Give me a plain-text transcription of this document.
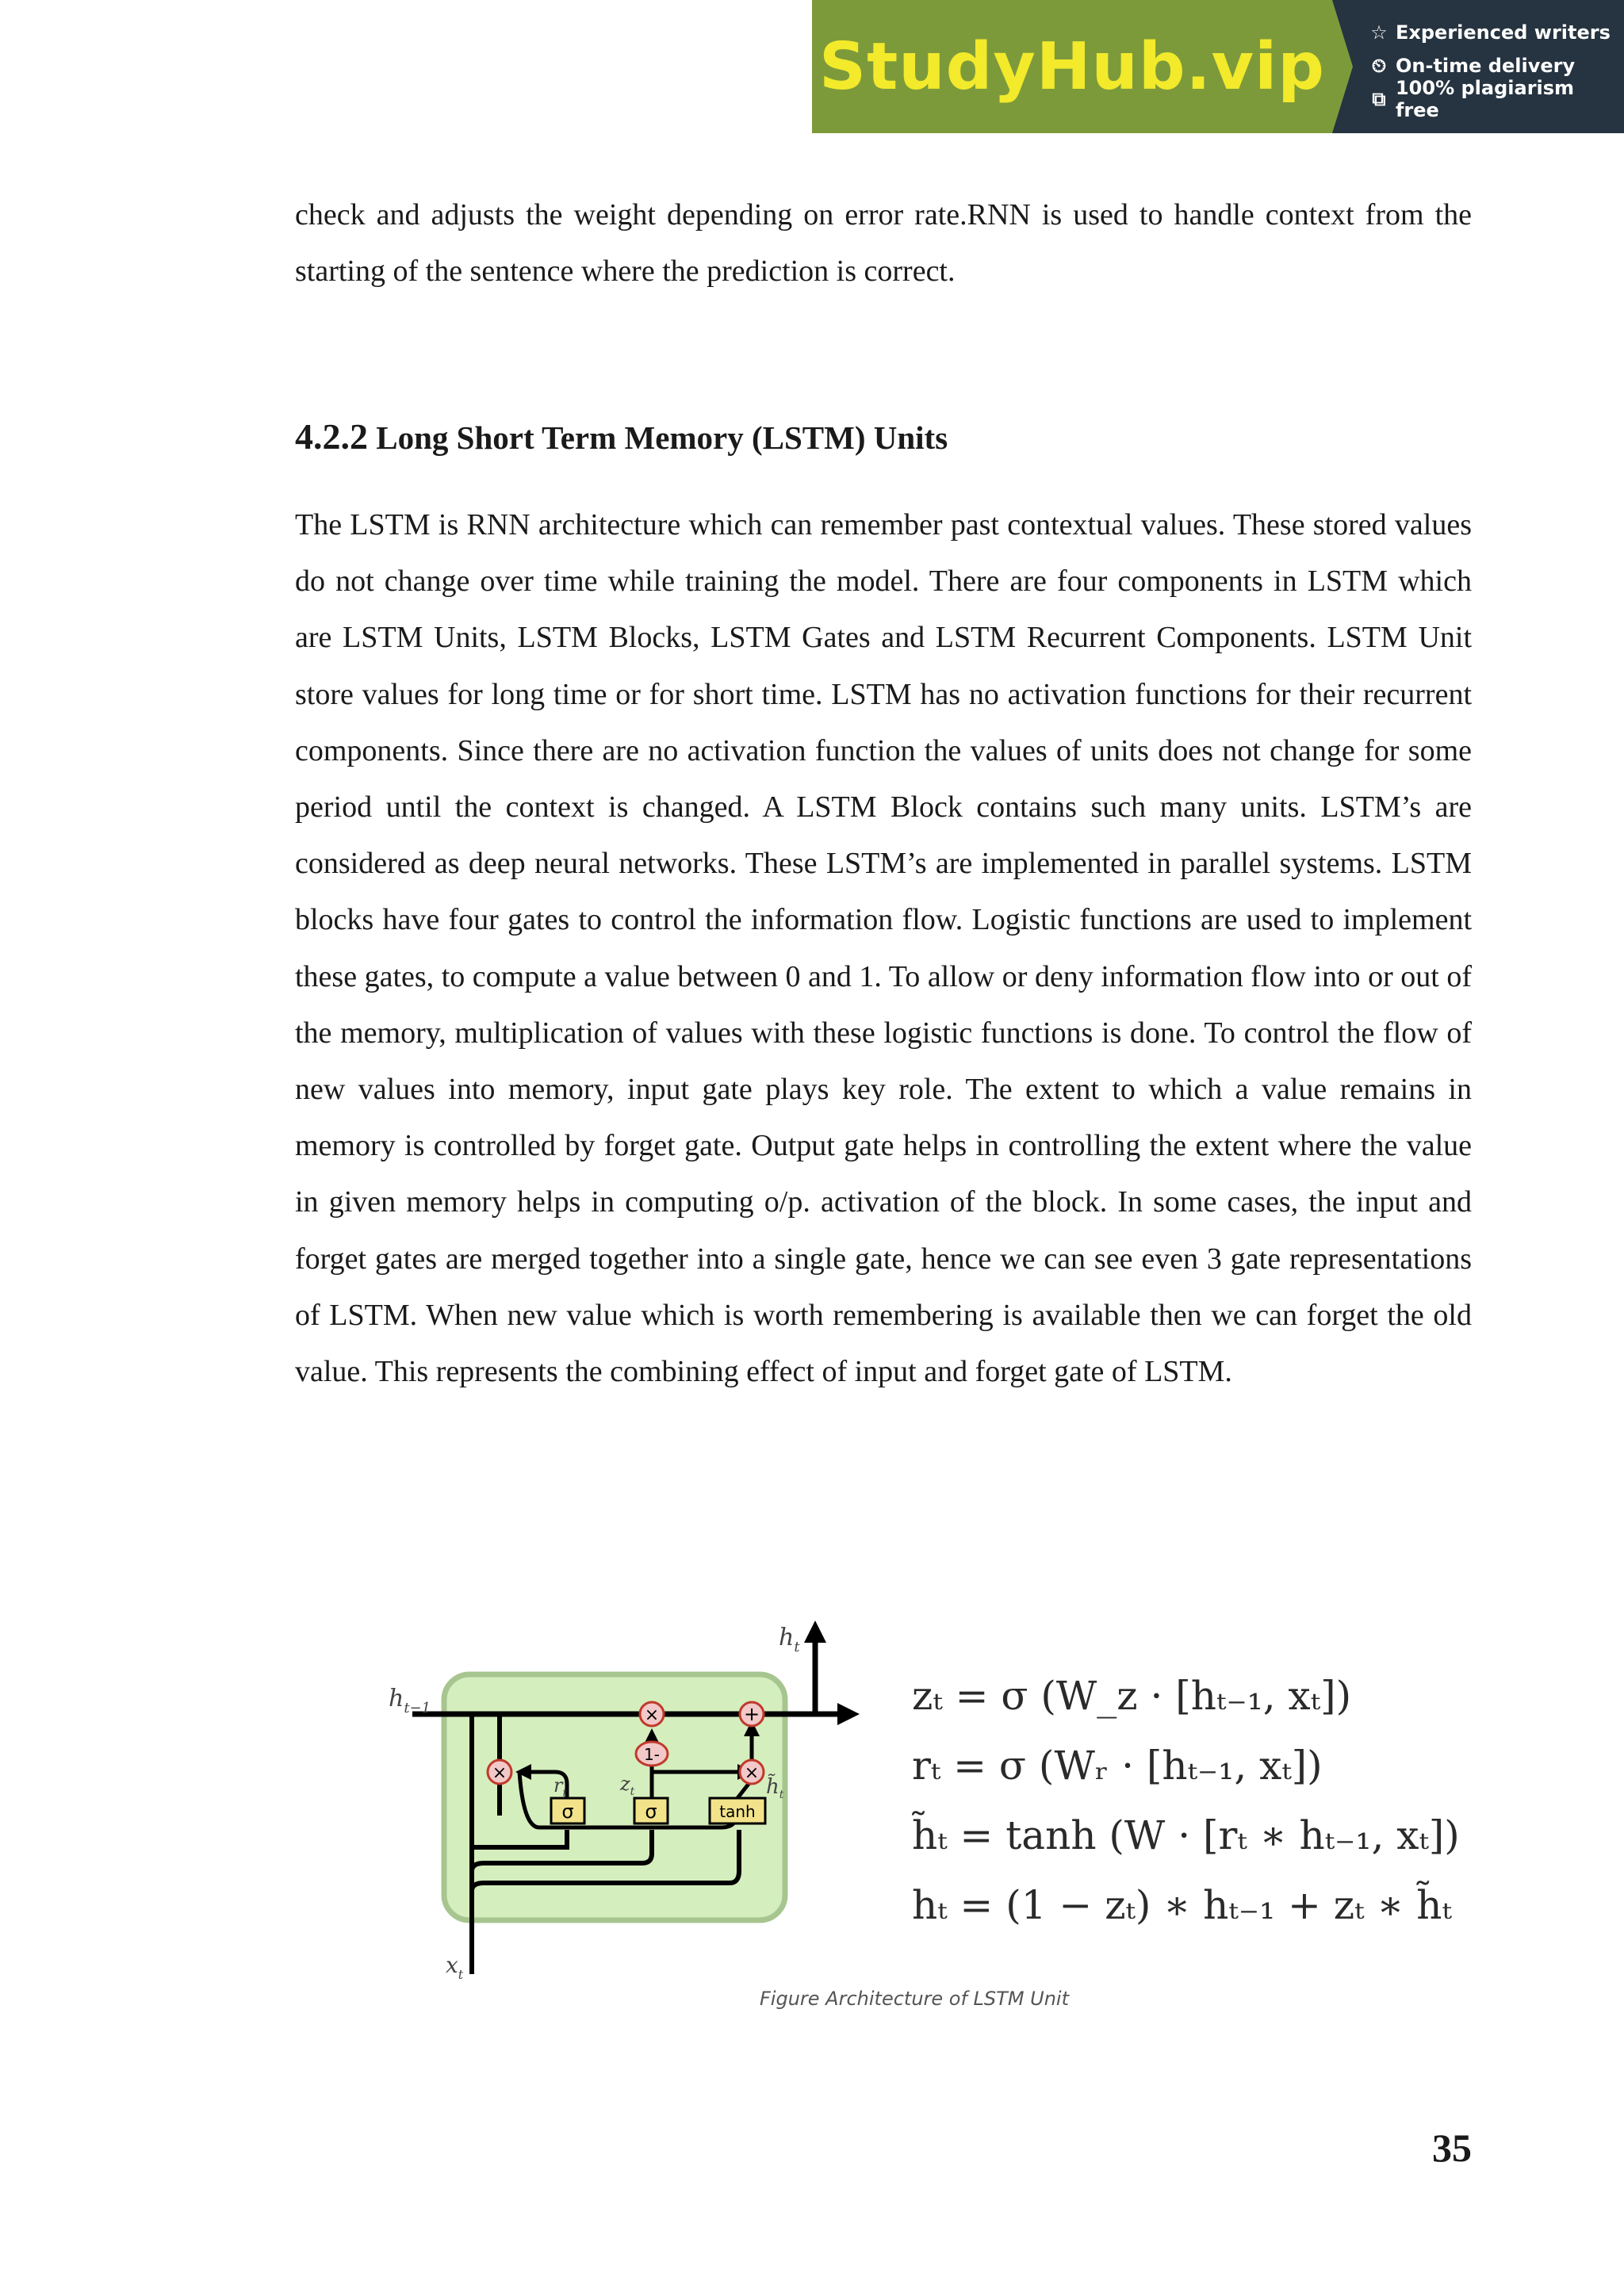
StudyHub.vip ☆ Experienced writers
⏲ On-time delivery
⧉ 100% plagiarism free

check and adjusts the weight depending on error rate.RNN is used to handle context from the starting of the sentence where the prediction is correct.

4.2.2 Long Short Term Memory (LSTM) Units

The LSTM is RNN architecture which can remember past contextual values. These stored values do not change over time while training the model. There are four components in LSTM which are LSTM Units, LSTM Blocks, LSTM Gates and LSTM Recurrent Components. LSTM Unit store values for long time or for short time. LSTM has no activation functions for their recurrent components. Since there are no activation function the values of units does not change for some period until the context is changed. A LSTM Block contains such many units. LSTM’s are considered as deep neural networks. These LSTM’s are implemented in parallel systems. LSTM blocks have four gates to control the information flow. Logistic functions are used to implement these gates, to compute a value between 0 and 1. To allow or deny information flow into or out of the memory, multiplication of values with these logistic functions is done. To control the flow of new values into memory, input gate plays key role. The extent to which a value remains in memory is controlled by forget gate. Output gate helps in controlling the extent where the value in given memory helps in computing o/p. activation of the block. In some cases, the input and forget gates are merged together into a single gate, hence we can see even 3 gate representations of LSTM. When new value which is worth remembering is available then we can forget the old value. This represents the combining effect of input and forget gate of LSTM.

×	+
×	×
1-
σ	σ	tanh
$h_t$
$h_{t-1}$
$x_t$
$r_t$	$z_t$	$h̃_t$
zₜ = σ (W_z · [hₜ₋₁, xₜ])
rₜ = σ (Wᵣ · [hₜ₋₁, xₜ])
h̃ₜ = tanh (W · [rₜ ∗ hₜ₋₁, xₜ])
hₜ = (1 − zₜ) ∗ hₜ₋₁ + zₜ ∗ h̃ₜ
Figure Architecture of LSTM Unit
35
